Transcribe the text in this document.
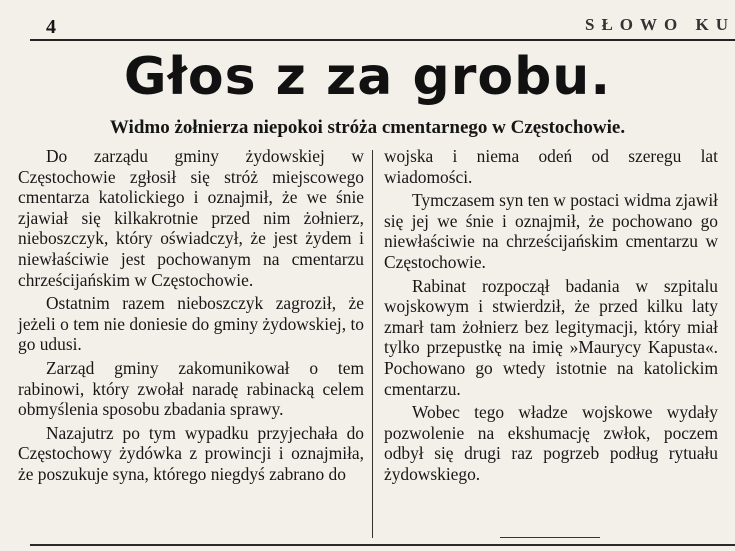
4	SŁOWO KU
Głos z za grobu.
Widmo żołnierza niepokoi stróża cmentarnego w Częstochowie.

Do zarządu gminy żydowskiej w Częstochowie zgłosił się stróż miejscowego cmentarza katolickiego i oznajmił, że we śnie zjawiał się kilkakrotnie przed nim żołnierz, nieboszczyk, który oświadczył, że jest żydem i niewłaściwie jest pochowanym na cmentarzu chrześcijańskim w Częstochowie.

Ostatnim razem nieboszczyk zagroził, że jeżeli o tem nie doniesie do gminy żydowskiej, to go udusi.

Zarząd gminy zakomunikował o tem rabinowi, który zwołał naradę rabinacką celem obmyślenia sposobu zbadania sprawy.

Nazajutrz po tym wypadku przyjechała do Częstochowy żydówka z prowincji i oznajmiła, że poszukuje syna, którego niegdyś zabrano do

wojska i niema odeń od szeregu lat wiadomości.

Tymczasem syn ten w postaci widma zjawił się jej we śnie i oznajmił, że pochowano go niewłaściwie na chrześcijańskim cmentarzu w Częstochowie.

Rabinat rozpoczął badania w szpitalu wojskowym i stwierdził, że przed kilku laty zmarł tam żołnierz bez legitymacji, który miał tylko przepustkę na imię »Maurycy Kapusta«. Pochowano go wtedy istotnie na katolickim cmentarzu.

Wobec tego władze wojskowe wydały pozwolenie na ekshumację zwłok, poczem odbył się drugi raz pogrzeb podług rytuału żydowskiego.
